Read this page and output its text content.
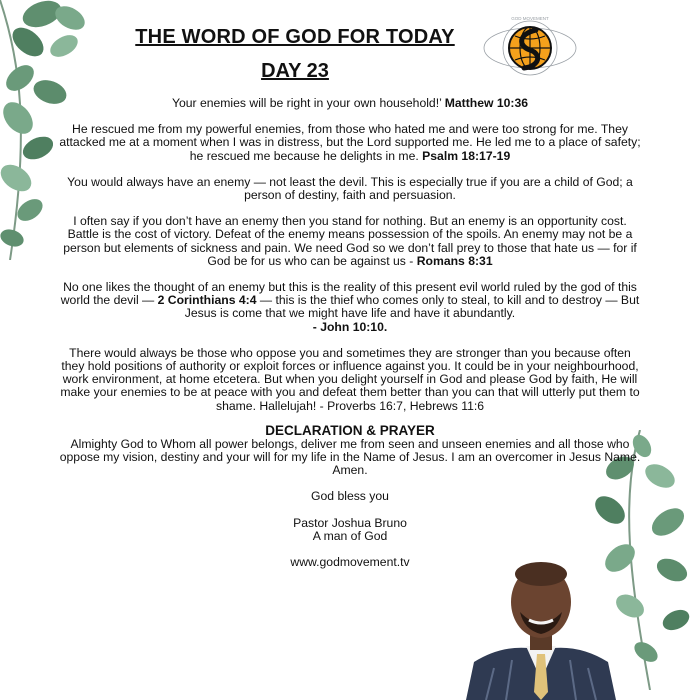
THE WORD OF GOD FOR TODAY
DAY 23
GOD MOVEMENT

Your enemies will be right in your own household!’ Matthew 10:36

He rescued me from my powerful enemies, from those who hated me and were too strong for me. They attacked me at a moment when I was in distress, but the Lord supported me. He led me to a place of safety; he rescued me because he delights in me. Psalm 18:17-19

You would always have an enemy — not least the devil. This is especially true if you are a child of God; a person of destiny, faith and persuasion.

I often say if you don’t have an enemy then you stand for nothing. But an enemy is an opportunity cost. Battle is the cost of victory. Defeat of the enemy means possession of the spoils. An enemy may not be a person but elements of sickness and pain. We need God so we don’t fall prey to those that hate us — for if God be for us who can be against us - Romans 8:31

No one likes the thought of an enemy but this is the reality of this present evil world ruled by the god of this world the devil — 2 Corinthians 4:4 — this is the thief who comes only to steal, to kill and to destroy — But Jesus is come that we might have life and have it abundantly.
- John 10:10.

There would always be those who oppose you and sometimes they are stronger than you because often they hold positions of authority or exploit forces or influence against you. It could be in your neighbourhood, work environment, at home etcetera. But when you delight yourself in God and please God by faith, He will make your enemies to be at peace with you and defeat them better than you can that will utterly put them to shame. Hallelujah! - Proverbs 16:7, Hebrews 11:6

DECLARATION & PRAYER

Almighty God to Whom all power belongs, deliver me from seen and unseen enemies and all those who oppose my vision, destiny and your will for my life in the Name of Jesus. I am an overcomer in Jesus Name. Amen.

God bless you

Pastor Joshua Bruno

A man of God

www.godmovement.tv
